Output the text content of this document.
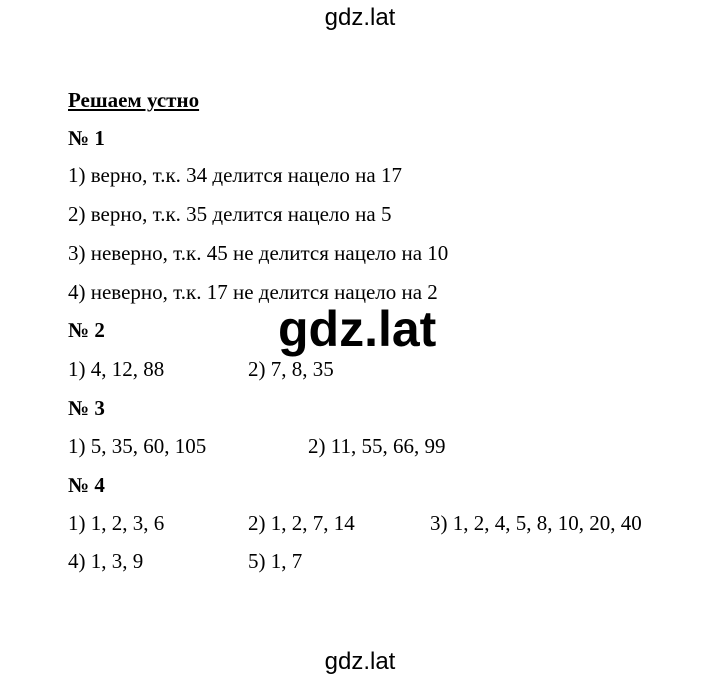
gdz.lat
Решаем устно
№ 1
1) верно, т.к. 34 делится нацело на 17
2) верно, т.к. 35 делится нацело на 5
3) неверно, т.к. 45 не делится нацело на 10
4) неверно, т.к. 17 не делится нацело на 2
№ 2
1) 4, 12, 88	2) 7, 8, 35
№ 3
1) 5, 35, 60, 105	2) 11, 55, 66, 99
№ 4
1) 1, 2, 3, 6	2) 1, 2, 7, 14	3) 1, 2, 4, 5, 8, 10, 20, 40
4) 1, 3, 9	5) 1, 7
gdz.lat
gdz.lat
